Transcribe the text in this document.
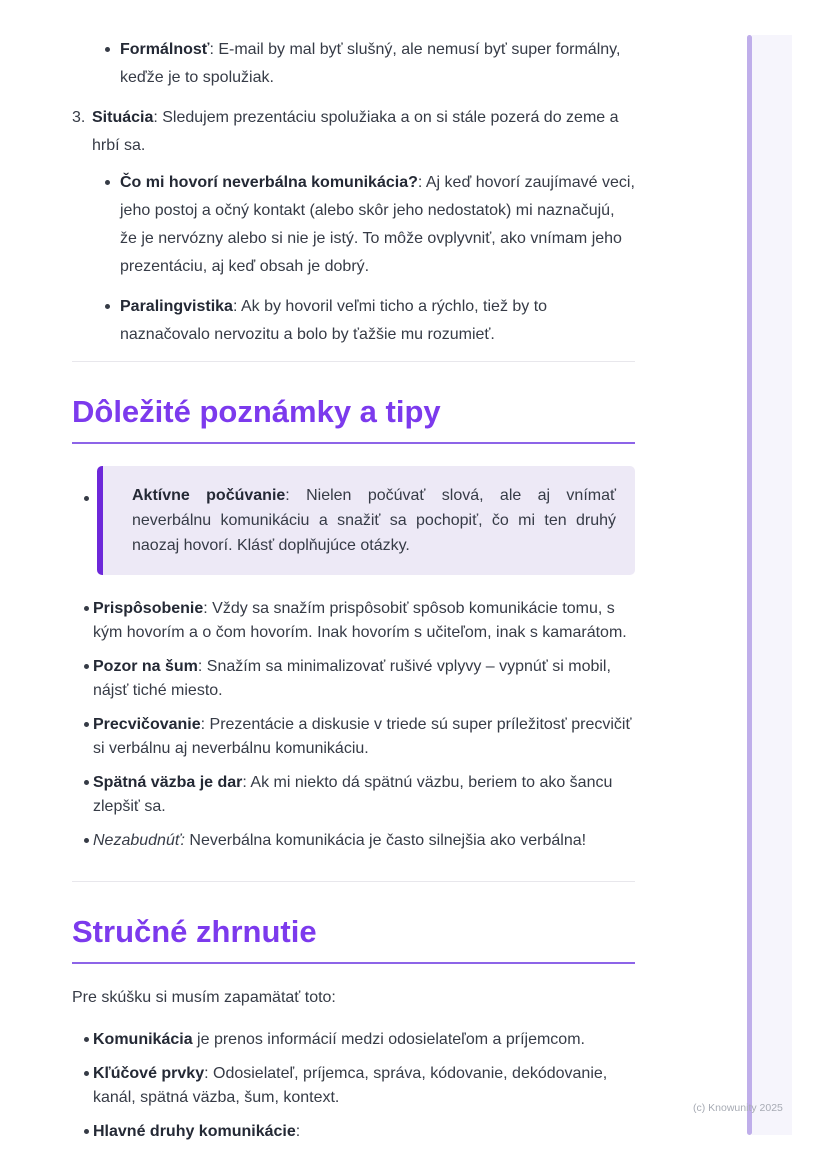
(c) Knowunity 2025
Formálnosť: E-mail by mal byť slušný, ale nemusí byť super formálny, keďže je to spolužiak.
3. Situácia: Sledujem prezentáciu spolužiaka a on si stále pozerá do zeme a hrbí sa.
Čo mi hovorí neverbálna komunikácia?: Aj keď hovorí zaujímavé veci, jeho postoj a očný kontakt (alebo skôr jeho nedostatok) mi naznačujú, že je nervózny alebo si nie je istý. To môže ovplyvniť, ako vnímam jeho prezentáciu, aj keď obsah je dobrý.
Paralingvistika: Ak by hovoril veľmi ticho a rýchlo, tiež by to naznačovalo nervozitu a bolo by ťažšie mu rozumieť.
Dôležité poznámky a tipy
Aktívne počúvanie: Nielen počúvať slová, ale aj vnímať neverbálnu komunikáciu a snažiť sa pochopiť, čo mi ten druhý naozaj hovorí. Klásť doplňujúce otázky.
Prispôsobenie: Vždy sa snažím prispôsobiť spôsob komunikácie tomu, s kým hovorím a o čom hovorím. Inak hovorím s učiteľom, inak s kamarátom.
Pozor na šum: Snažím sa minimalizovať rušivé vplyvy – vypnúť si mobil, nájsť tiché miesto.
Precvičovanie: Prezentácie a diskusie v triede sú super príležitosť precvičiť si verbálnu aj neverbálnu komunikáciu.
Spätná väzba je dar: Ak mi niekto dá spätnú väzbu, beriem to ako šancu zlepšiť sa.
Nezabudnúť: Neverbálna komunikácia je často silnejšia ako verbálna!
Stručné zhrnutie

Pre skúšku si musím zapamätať toto:

Komunikácia je prenos informácií medzi odosielateľom a príjemcom.
Kľúčové prvky: Odosielateľ, príjemca, správa, kódovanie, dekódovanie, kanál, spätná väzba, šum, kontext.
Hlavné druhy komunikácie:
